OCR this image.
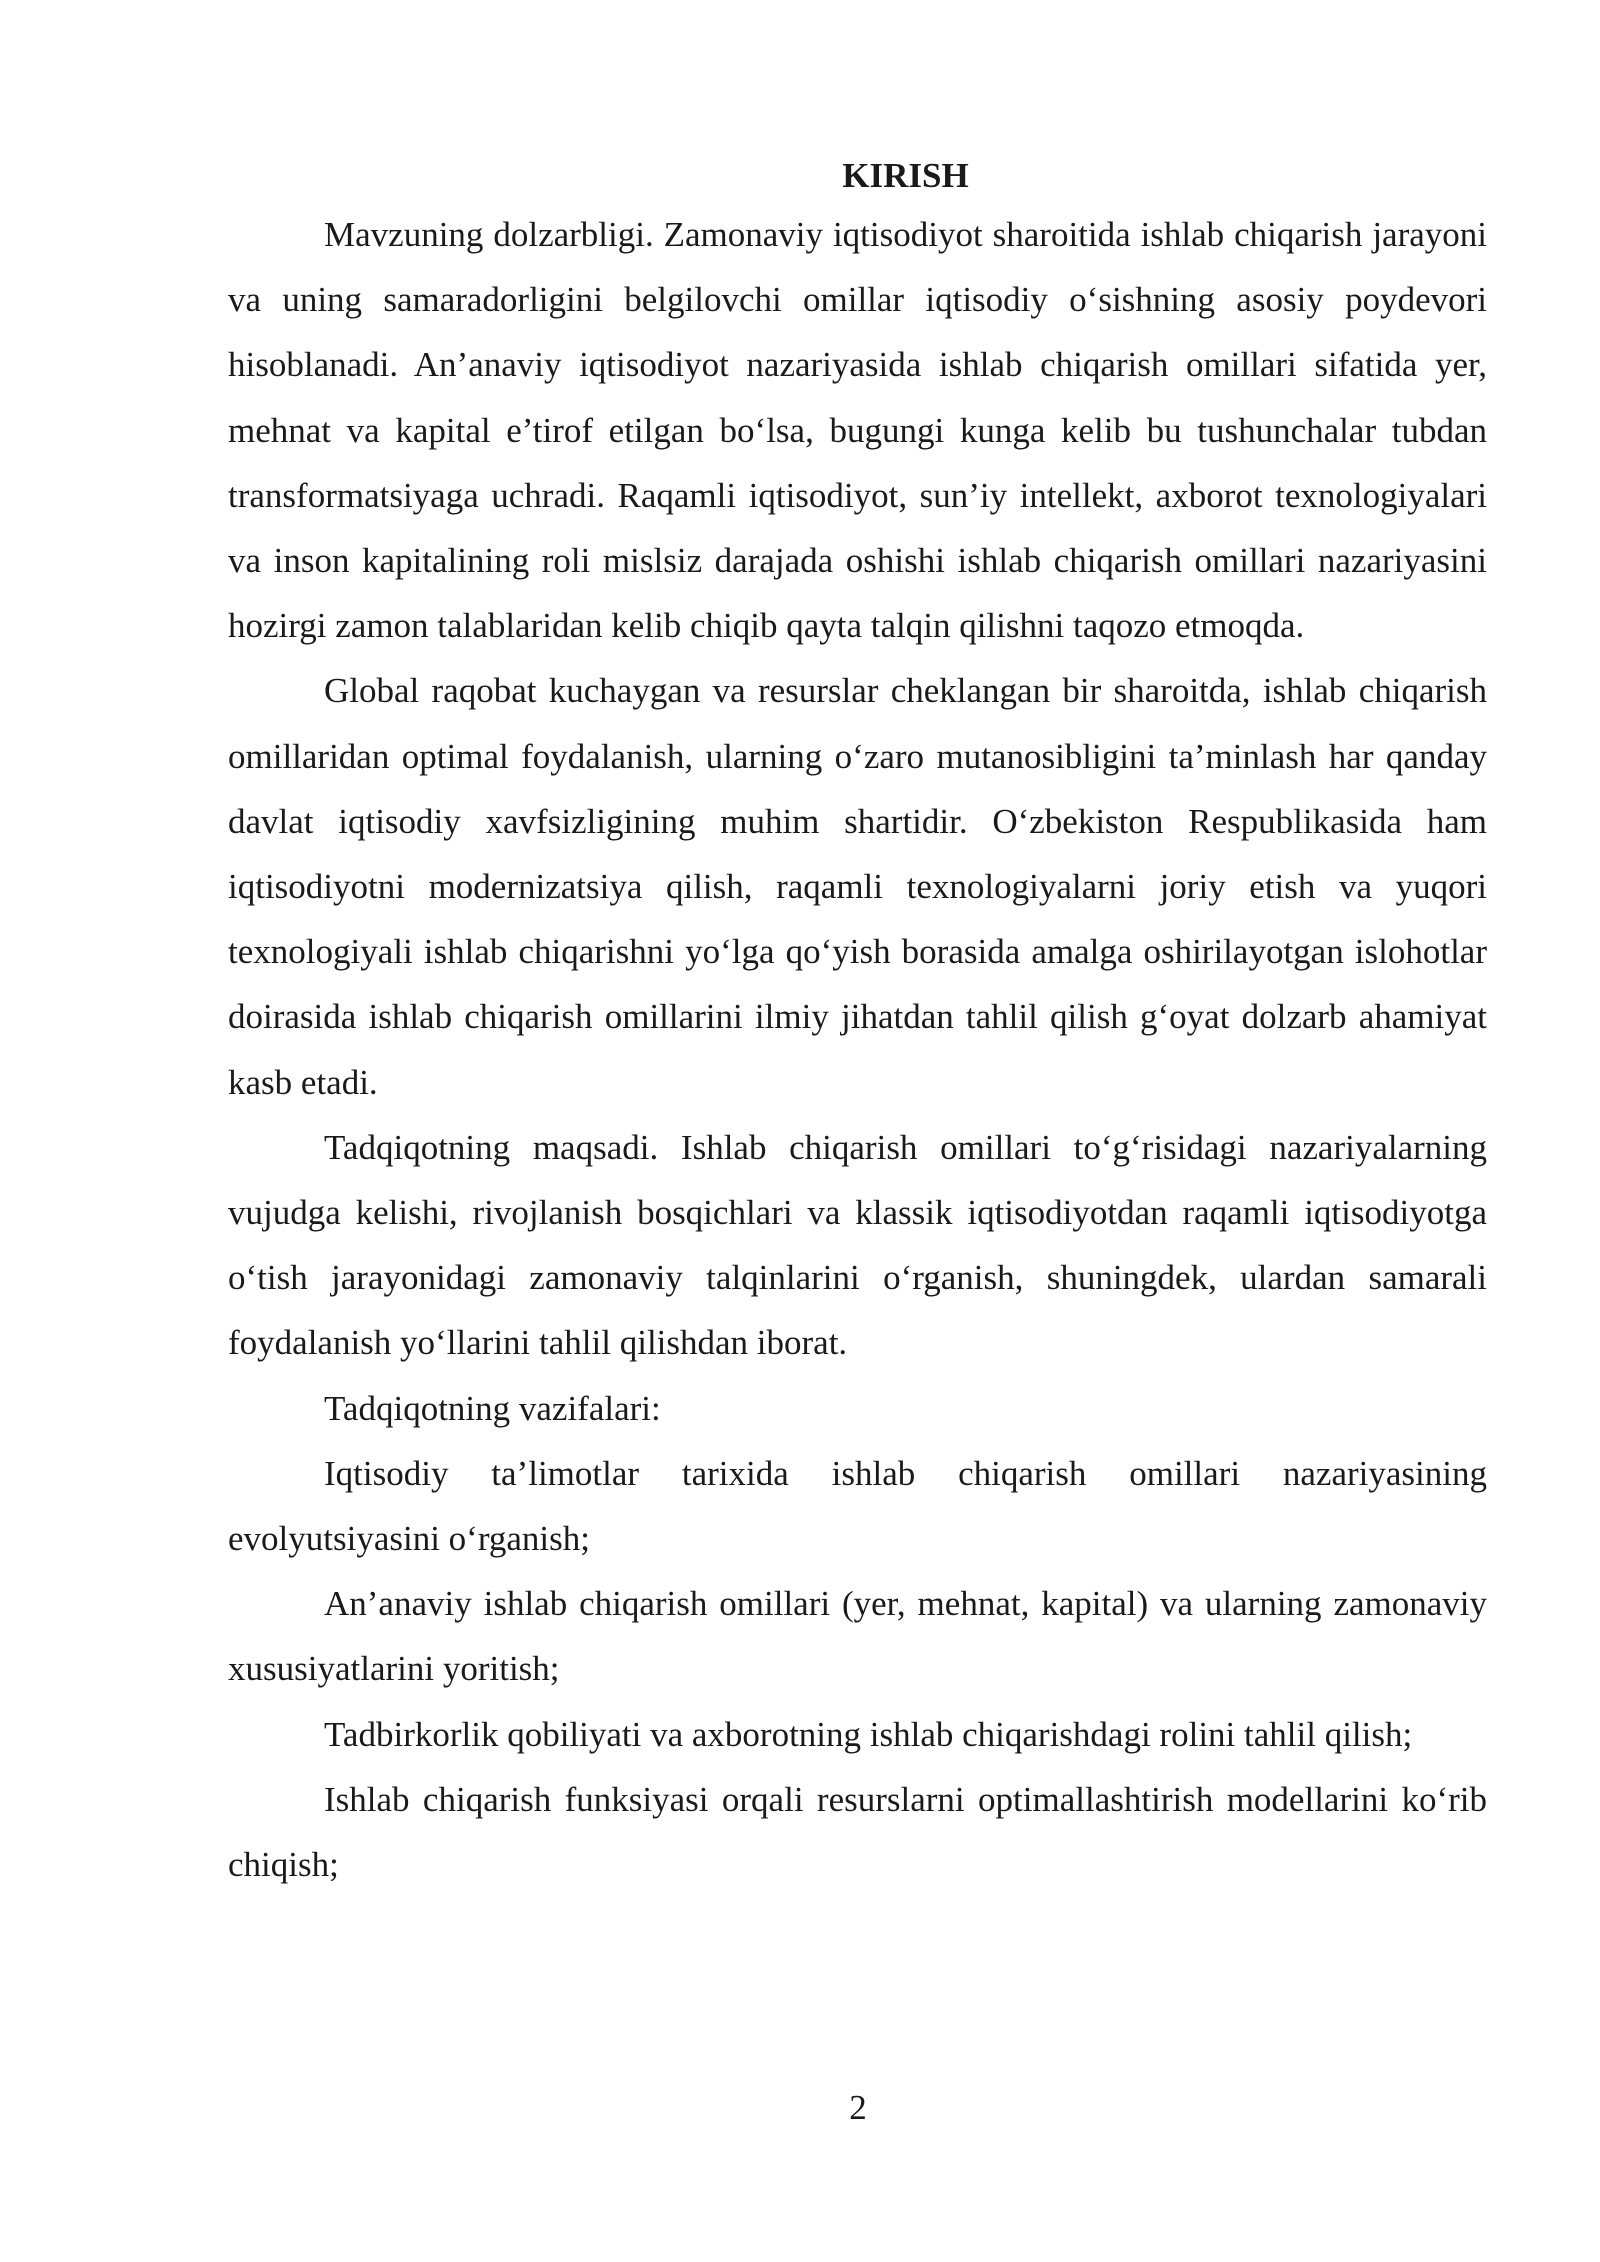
KIRISH

Mavzuning dolzarbligi. Zamonaviy iqtisodiyot sharoitida ishlab chiqarish jarayoni va uning samaradorligini belgilovchi omillar iqtisodiy o‘sishning asosiy poydevori hisoblanadi. An’anaviy iqtisodiyot nazariyasida ishlab chiqarish omillari sifatida yer, mehnat va kapital e’tirof etilgan bo‘lsa, bugungi kunga kelib bu tushunchalar tubdan transformatsiyaga uchradi. Raqamli iqtisodiyot, sun’iy intellekt, axborot texnologiyalari va inson kapitalining roli mislsiz darajada oshishi ishlab chiqarish omillari nazariyasini hozirgi zamon talablaridan kelib chiqib qayta talqin qilishni taqozo etmoqda.

Global raqobat kuchaygan va resurslar cheklangan bir sharoitda, ishlab chiqarish omillaridan optimal foydalanish, ularning o‘zaro mutanosibligini ta’minlash har qanday davlat iqtisodiy xavfsizligining muhim shartidir. O‘zbekiston Respublikasida ham iqtisodiyotni modernizatsiya qilish, raqamli texnologiyalarni joriy etish va yuqori texnologiyali ishlab chiqarishni yo‘lga qo‘yish borasida amalga oshirilayotgan islohotlar doirasida ishlab chiqarish omillarini ilmiy jihatdan tahlil qilish g‘oyat dolzarb ahamiyat kasb etadi.

Tadqiqotning maqsadi. Ishlab chiqarish omillari to‘g‘risidagi nazariyalarning vujudga kelishi, rivojlanish bosqichlari va klassik iqtisodiyotdan raqamli iqtisodiyotga o‘tish jarayonidagi zamonaviy talqinlarini o‘rganish, shuningdek, ulardan samarali foydalanish yo‘llarini tahlil qilishdan iborat.

Tadqiqotning vazifalari:

Iqtisodiy ta’limotlar tarixida ishlab chiqarish omillari nazariyasining evolyutsiyasini o‘rganish;

An’anaviy ishlab chiqarish omillari (yer, mehnat, kapital) va ularning zamonaviy xususiyatlarini yoritish;

Tadbirkorlik qobiliyati va axborotning ishlab chiqarishdagi rolini tahlil qilish;

Ishlab chiqarish funksiyasi orqali resurslarni optimallashtirish modellarini ko‘rib chiqish;

2
